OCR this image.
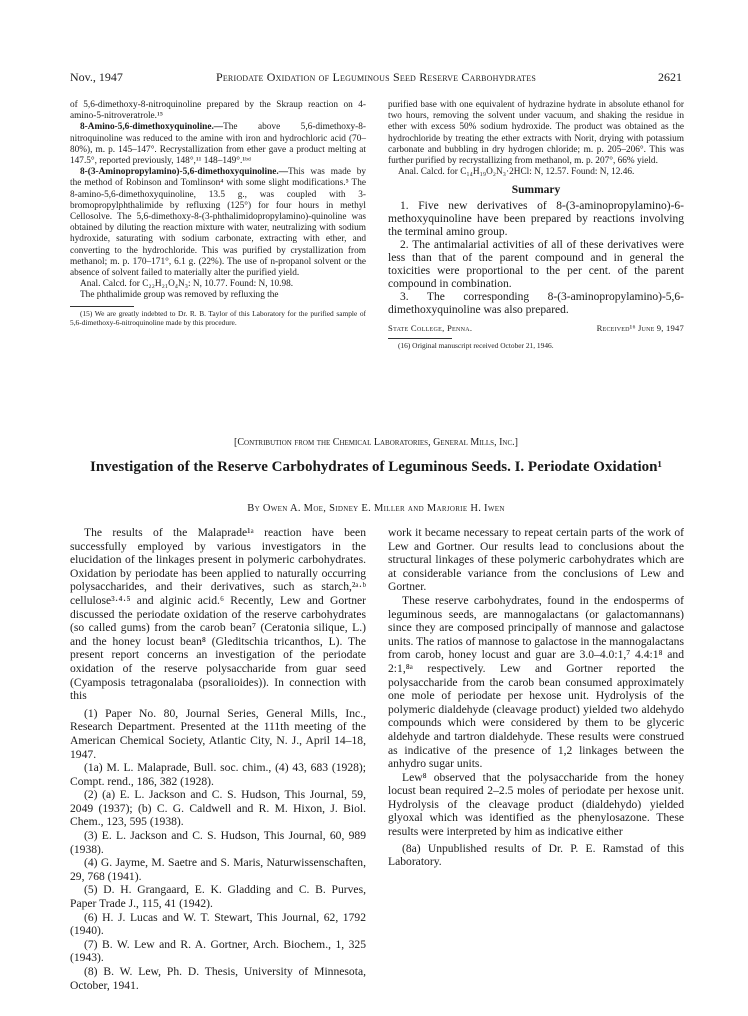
Nov., 1947	Periodate Oxidation of Leguminous Seed Reserve Carbohydrates	2621

of 5,6-dimethoxy-8-nitroquinoline prepared by the Skraup reaction on 4-amino-5-nitroveratrole.¹⁵

8-Amino-5,6-dimethoxyquinoline.—The above 5,6-dimethoxy-8-nitroquinoline was reduced to the amine with iron and hydrochloric acid (70–80%), m. p. 145–147°. Recrystallization from ether gave a product melting at 147.5°, reported previously, 148°,¹¹ 148–149°.¹ᵇᵈ

8-(3-Aminopropylamino)-5,6-dimethoxyquinoline.—This was made by the method of Robinson and Tomlinson⁴ with some slight modifications.⁵ The 8-amino-5,6-dimethoxyquinoline, 13.5 g., was coupled with 3-bromopropylphthalimide by refluxing (125°) for four hours in methyl Cellosolve. The 5,6-dimethoxy-8-(3-phthalimidopropylamino)-quinoline was obtained by diluting the reaction mixture with water, neutralizing with sodium hydroxide, saturating with sodium carbonate, extracting with ether, and converting to the hydrochloride. This was purified by crystallization from methanol; m. p. 170–171°, 6.1 g. (22%). The use of n-propanol solvent or the absence of solvent failed to materially alter the purified yield.

Anal. Calcd. for C₂₂H₂₁O₄N₃: N, 10.77. Found: N, 10.98.

The phthalimide group was removed by refluxing the

(15) We are greatly indebted to Dr. R. B. Taylor of this Laboratory for the purified sample of 5,6-dimethoxy-6-nitroquinoline made by this procedure.

purified base with one equivalent of hydrazine hydrate in absolute ethanol for two hours, removing the solvent under vacuum, and shaking the residue in ether with excess 50% sodium hydroxide. The product was obtained as the hydrochloride by treating the ether extracts with Norit, drying with potassium carbonate and bubbling in dry hydrogen chloride; m. p. 205–206°. This was further purified by recrystallizing from methanol, m. p. 207°, 66% yield.

Anal. Calcd. for C₁₄H₁₉O₂N₃·2HCl: N, 12.57. Found: N, 12.46.

Summary

1. Five new derivatives of 8-(3-aminopropylamino)-6-methoxyquinoline have been prepared by reactions involving the terminal amino group.

2. The antimalarial activities of all of these derivatives were less than that of the parent compound and in general the toxicities were proportional to the per cent. of the parent compound in combination.

3. The corresponding 8-(3-aminopropylamino)-5,6-dimethoxyquinoline was also prepared.

State College, Penna.	Received¹⁶ June 9, 1947

(16) Original manuscript received October 21, 1946.

[Contribution from the Chemical Laboratories, General Mills, Inc.]
Investigation of the Reserve Carbohydrates of Leguminous Seeds. I. Periodate Oxidation¹
By Owen A. Moe, Sidney E. Miller and Marjorie H. Iwen

The results of the Malaprade¹ᵃ reaction have been successfully employed by various investigators in the elucidation of the linkages present in polymeric carbohydrates. Oxidation by periodate has been applied to naturally occurring polysaccharides, and their derivatives, such as starch,²ᵃ·ᵇ cellulose³·⁴·⁵ and alginic acid.⁶ Recently, Lew and Gortner discussed the periodate oxidation of the reserve carbohydrates (so called gums) from the carob bean⁷ (Ceratonia silique, L.) and the honey locust bean⁸ (Gleditschia tricanthos, L). The present report concerns an investigation of the periodate oxidation of the reserve polysaccharide from guar seed (Cyamposis tetragonalaba (psoralioides)). In connection with this

(1) Paper No. 80, Journal Series, General Mills, Inc., Research Department. Presented at the 111th meeting of the American Chemical Society, Atlantic City, N. J., April 14–18, 1947.

(1a) M. L. Malaprade, Bull. soc. chim., (4) 43, 683 (1928); Compt. rend., 186, 382 (1928).

(2) (a) E. L. Jackson and C. S. Hudson, This Journal, 59, 2049 (1937); (b) C. G. Caldwell and R. M. Hixon, J. Biol. Chem., 123, 595 (1938).

(3) E. L. Jackson and C. S. Hudson, This Journal, 60, 989 (1938).

(4) G. Jayme, M. Saetre and S. Maris, Naturwissenschaften, 29, 768 (1941).

(5) D. H. Grangaard, E. K. Gladding and C. B. Purves, Paper Trade J., 115, 41 (1942).

(6) H. J. Lucas and W. T. Stewart, This Journal, 62, 1792 (1940).

(7) B. W. Lew and R. A. Gortner, Arch. Biochem., 1, 325 (1943).

(8) B. W. Lew, Ph. D. Thesis, University of Minnesota, October, 1941.

work it became necessary to repeat certain parts of the work of Lew and Gortner. Our results lead to conclusions about the structural linkages of these polymeric carbohydrates which are at considerable variance from the conclusions of Lew and Gortner.

These reserve carbohydrates, found in the endosperms of leguminous seeds, are mannogalactans (or galactomannans) since they are composed principally of mannose and galactose units. The ratios of mannose to galactose in the mannogalactans from carob, honey locust and guar are 3.0–4.0:1,⁷ 4.4:1⁸ and 2:1,⁸ᵃ respectively. Lew and Gortner reported the polysaccharide from the carob bean consumed approximately one mole of periodate per hexose unit. Hydrolysis of the polymeric dialdehyde (cleavage product) yielded two aldehydo compounds which were considered by them to be glyceric aldehyde and tartron dialdehyde. These results were construed as indicative of the presence of 1,2 linkages between the anhydro sugar units.

Lew⁸ observed that the polysaccharide from the honey locust bean required 2–2.5 moles of periodate per hexose unit. Hydrolysis of the cleavage product (dialdehydo) yielded glyoxal which was identified as the phenylosazone. These results were interpreted by him as indicative either

(8a) Unpublished results of Dr. P. E. Ramstad of this Laboratory.
